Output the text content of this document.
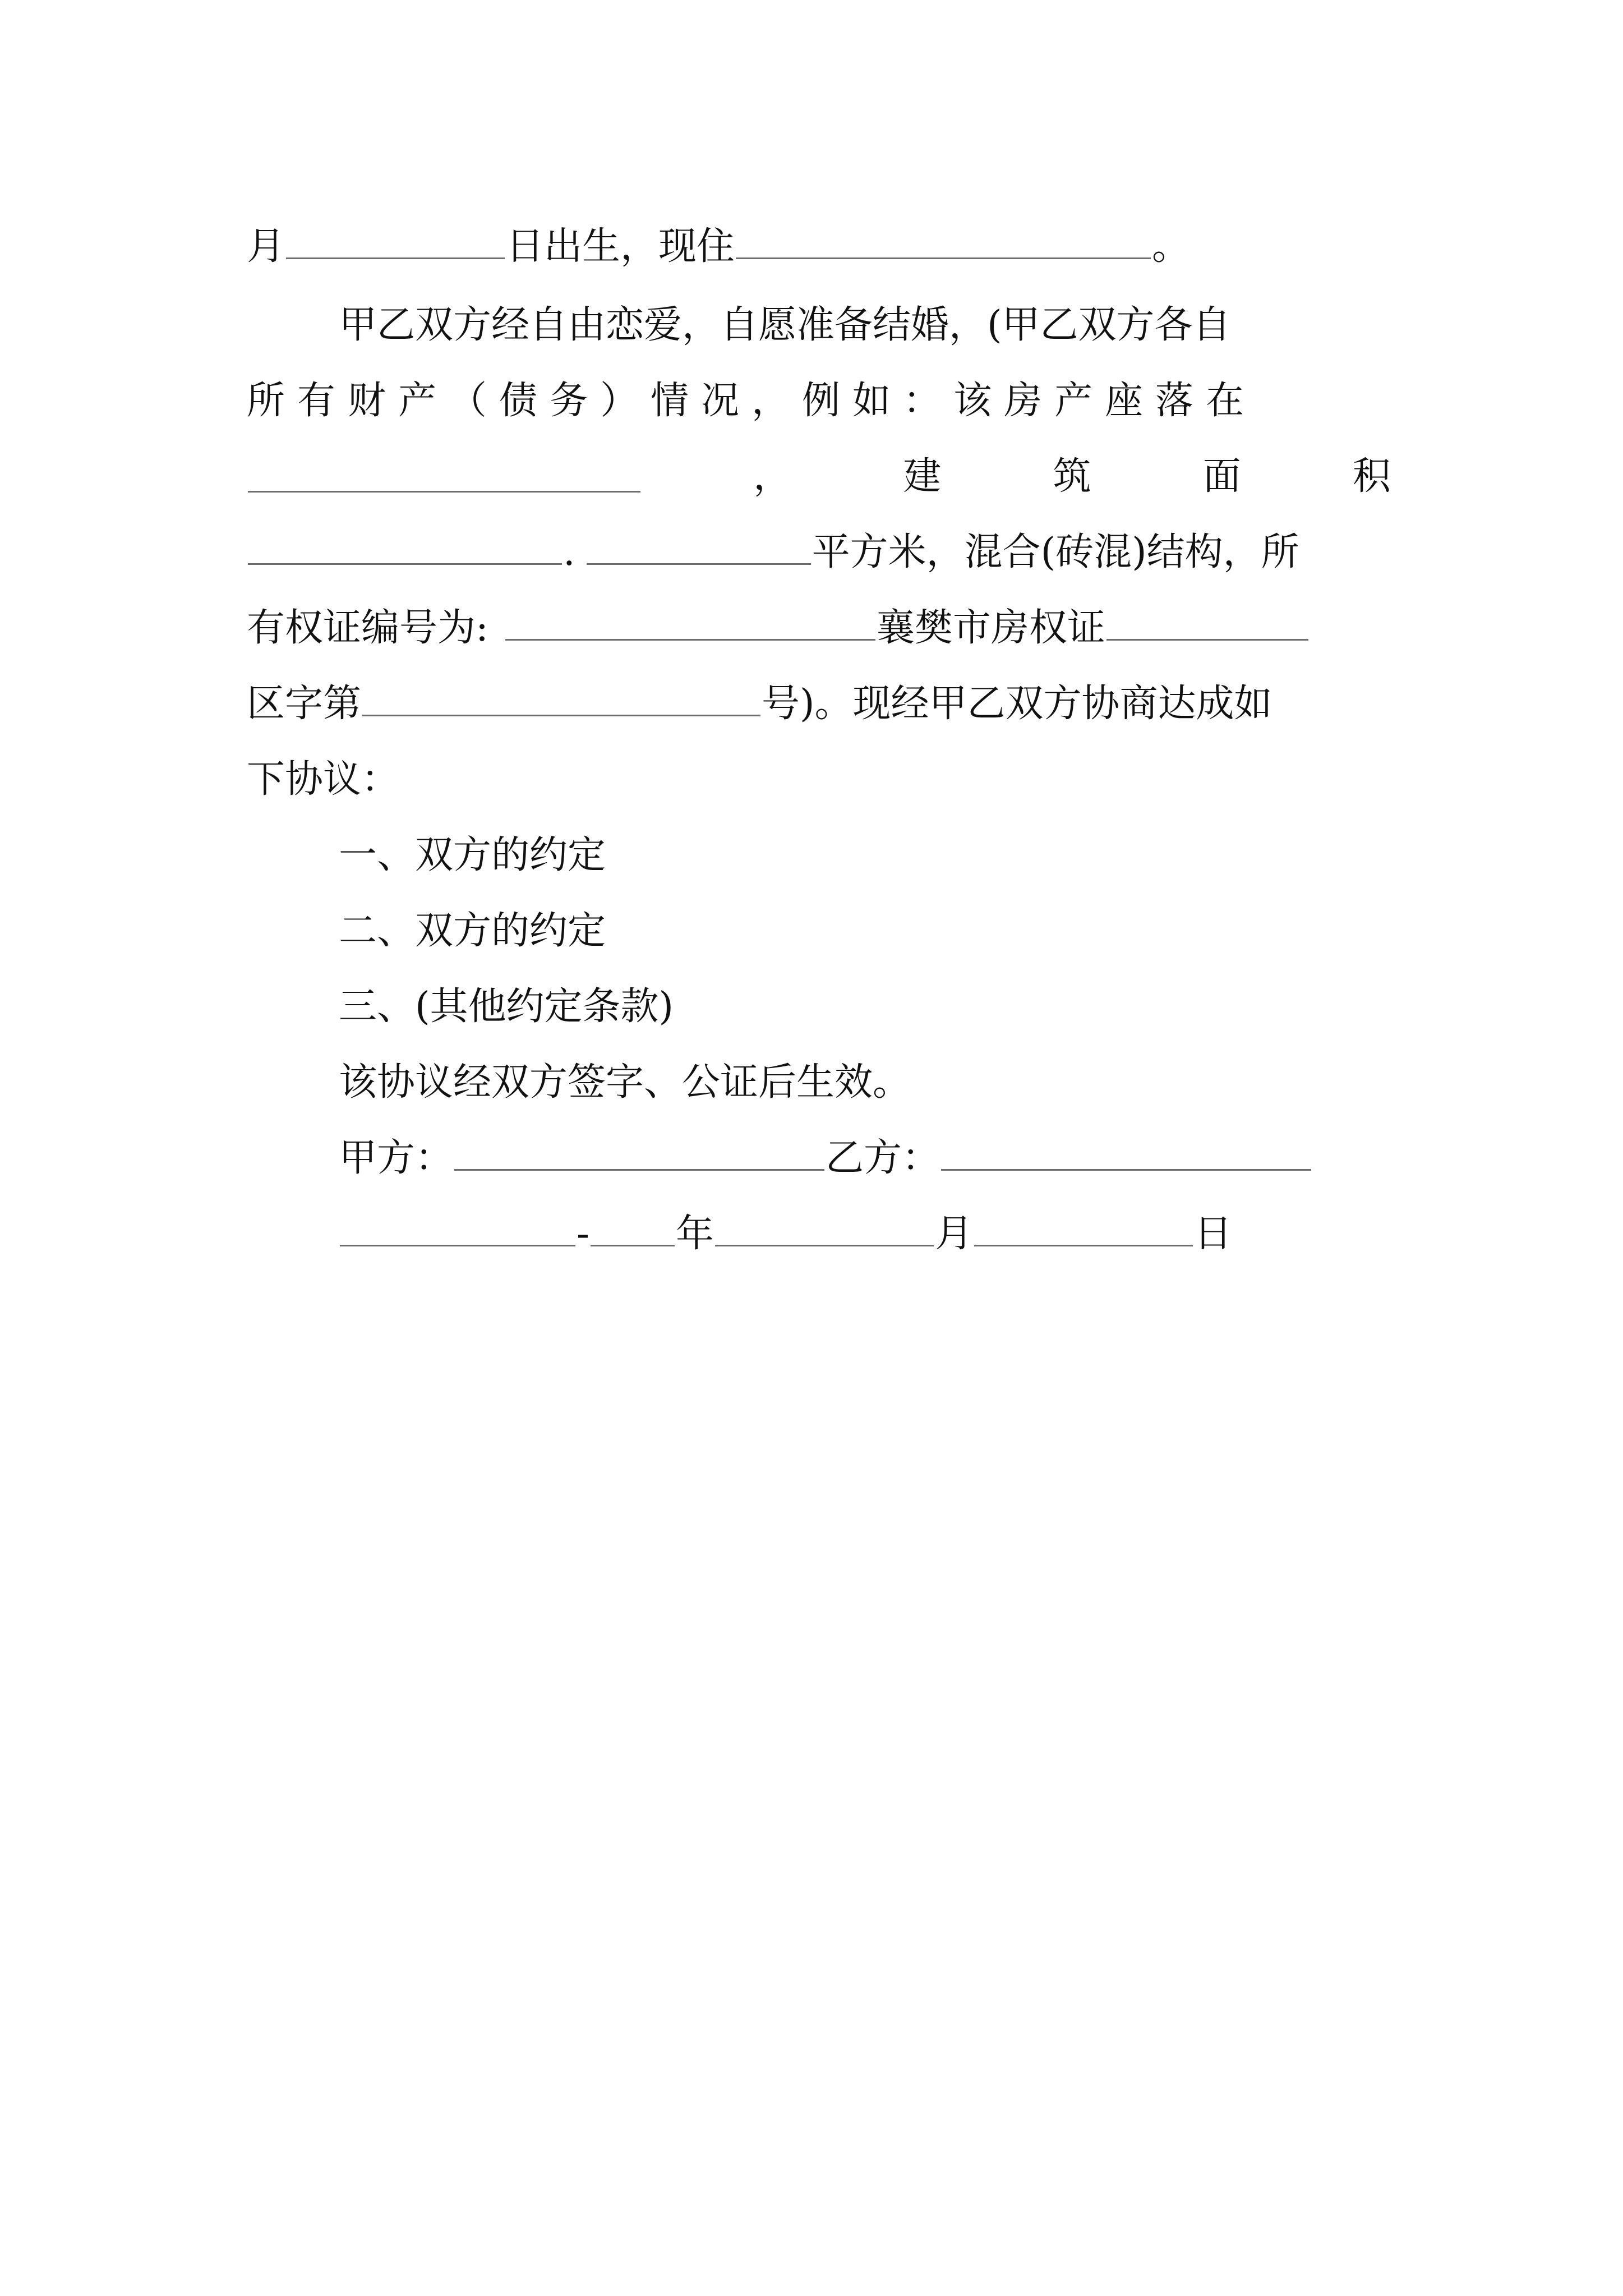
月	日出生，现住	。
甲乙双方经自由恋爱，自愿准备结婚，(甲乙双方各自
所有财产（债务）情况，例如：该房产座落在
，	建	筑	面	积
.	平方米，混合(砖混)结构，所
有权证编号为:	襄樊市房权证
区字第	号)。现经甲乙双方协商达成如
下协议：
一、双方的约定
二、双方的约定
三、(其他约定条款)
该协议经双方签字、公证后生效。
甲方：	乙方：
- 年	月	日
